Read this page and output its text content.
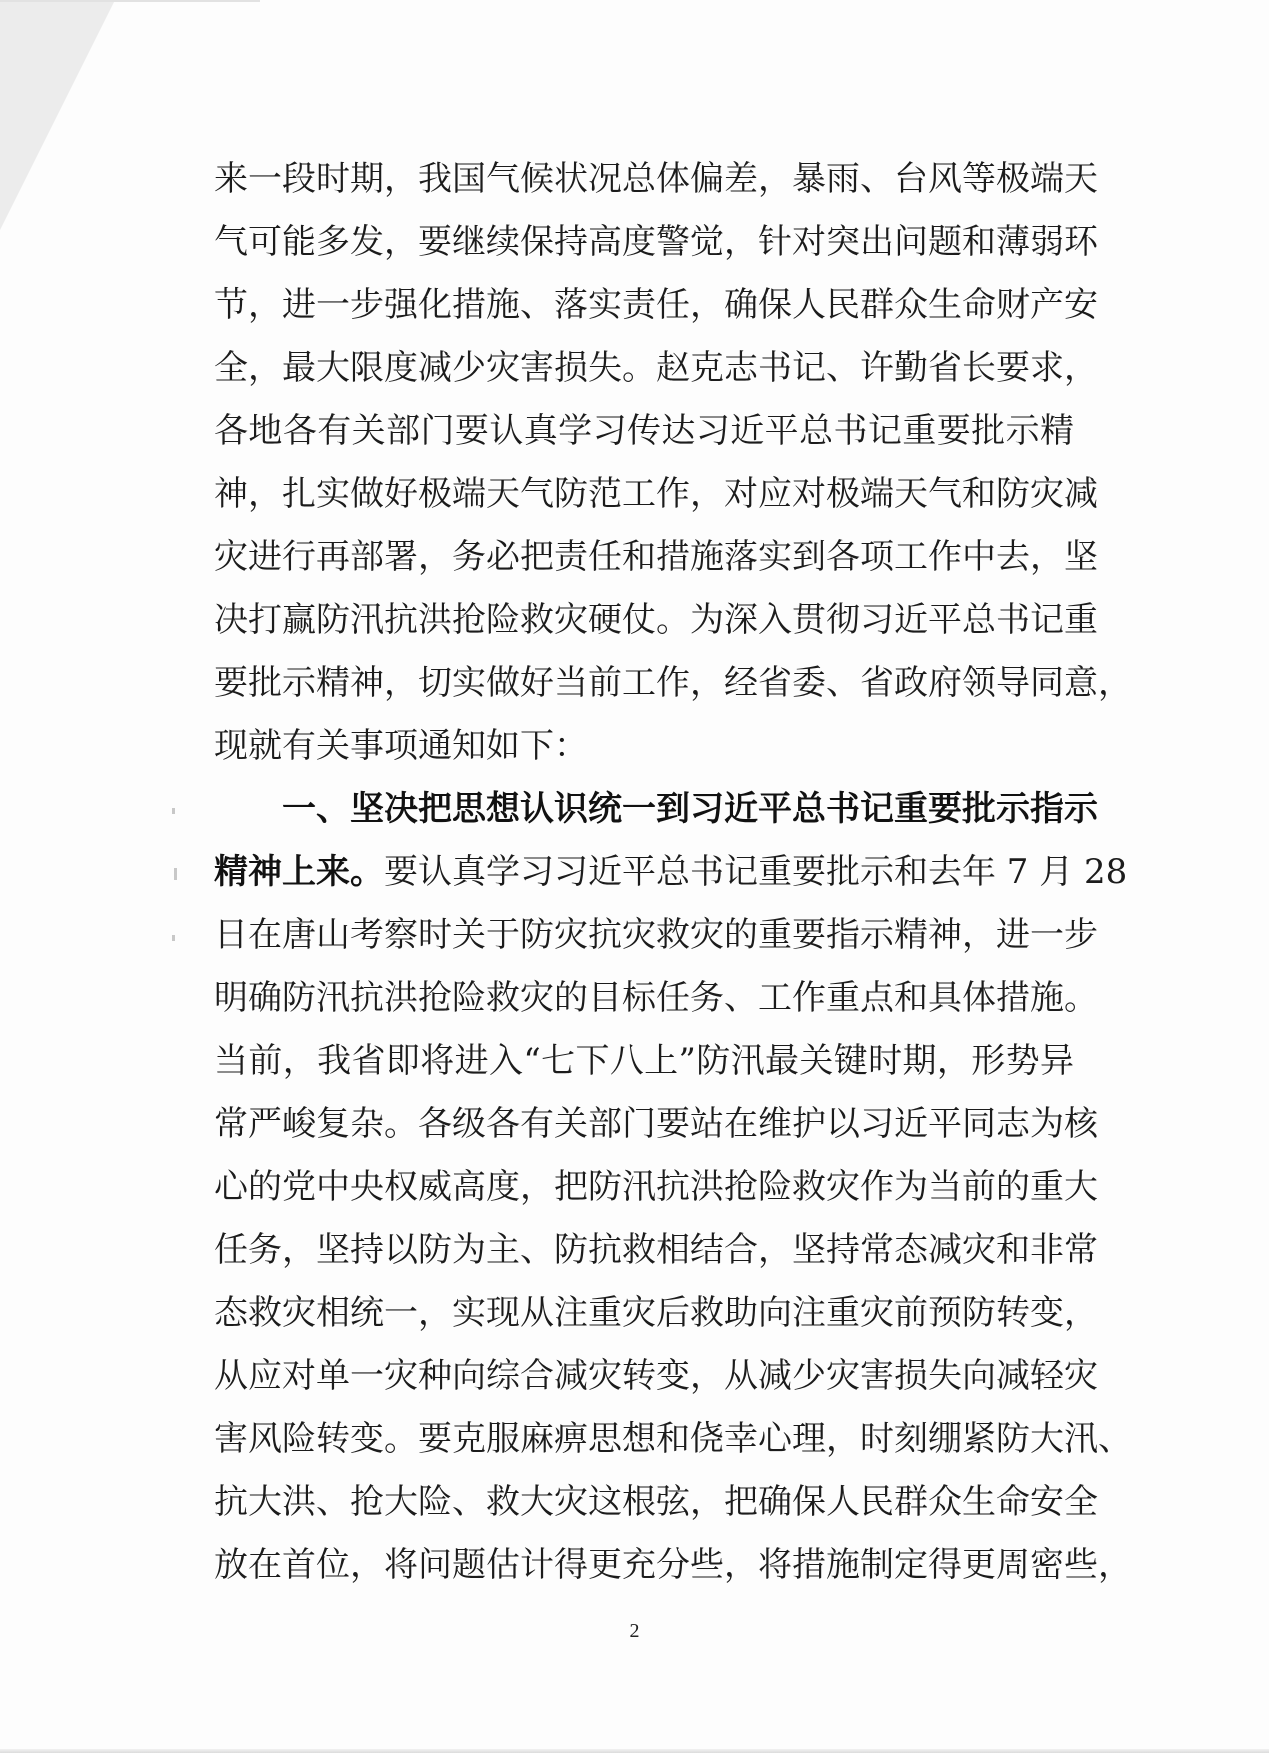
来一段时期，我国气候状况总体偏差，暴雨、台风等极端天
气可能多发，要继续保持高度警觉，针对突出问题和薄弱环
节，进一步强化措施、落实责任，确保人民群众生命财产安
全，最大限度减少灾害损失。赵克志书记、许勤省长要求，
各地各有关部门要认真学习传达习近平总书记重要批示精
神，扎实做好极端天气防范工作，对应对极端天气和防灾减
灾进行再部署，务必把责任和措施落实到各项工作中去，坚
决打赢防汛抗洪抢险救灾硬仗。为深入贯彻习近平总书记重
要批示精神，切实做好当前工作，经省委、省政府领导同意，
现就有关事项通知如下：
一、坚决把思想认识统一到习近平总书记重要批示指示
精神上来。要认真学习习近平总书记重要批示和去年 7 月 28
日在唐山考察时关于防灾抗灾救灾的重要指示精神，进一步
明确防汛抗洪抢险救灾的目标任务、工作重点和具体措施。
当前，我省即将进入“七下八上”防汛最关键时期，形势异
常严峻复杂。各级各有关部门要站在维护以习近平同志为核
心的党中央权威高度，把防汛抗洪抢险救灾作为当前的重大
任务，坚持以防为主、防抗救相结合，坚持常态减灾和非常
态救灾相统一，实现从注重灾后救助向注重灾前预防转变，
从应对单一灾种向综合减灾转变，从减少灾害损失向减轻灾
害风险转变。要克服麻痹思想和侥幸心理，时刻绷紧防大汛、
抗大洪、抢大险、救大灾这根弦，把确保人民群众生命安全
放在首位，将问题估计得更充分些，将措施制定得更周密些，
2
